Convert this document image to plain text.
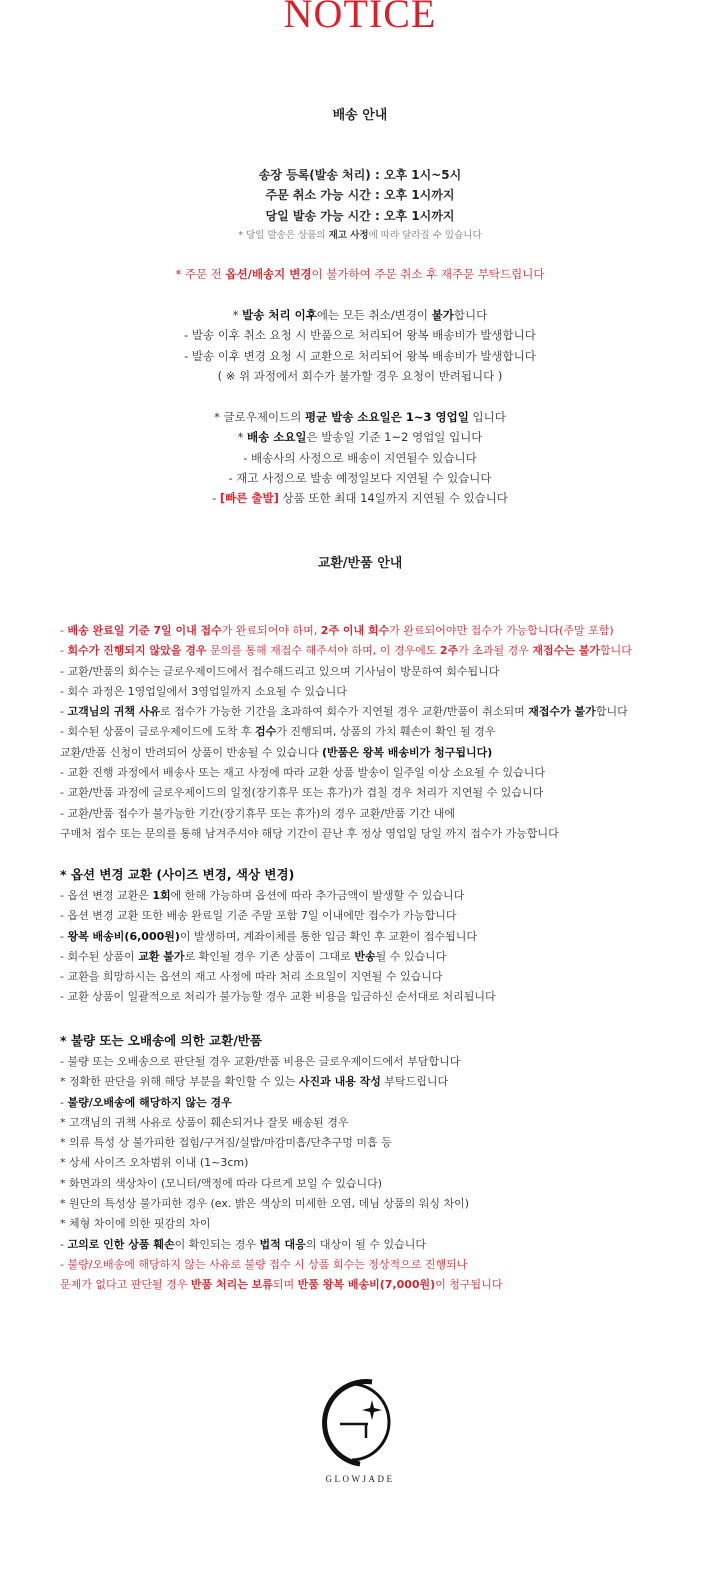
NOTICE
배송 안내
송장 등록(발송 처리) : 오후 1시~5시
주문 취소 가능 시간 : 오후 1시까지
당일 발송 가능 시간 : 오후 1시까지
* 당일 발송은 상품의 재고 사정에 따라 달라질 수 있습니다
* 주문 전 옵션/배송지 변경이 불가하여 주문 취소 후 재주문 부탁드립니다
* 발송 처리 이후에는 모든 취소/변경이 불가합니다
- 발송 이후 취소 요청 시 반품으로 처리되어 왕복 배송비가 발생합니다
- 발송 이후 변경 요청 시 교환으로 처리되어 왕복 배송비가 발생합니다
( ※ 위 과정에서 회수가 불가할 경우 요청이 반려됩니다 )
* 글로우제이드의 평균 발송 소요일은 1~3 영업일 입니다
* 배송 소요일은 발송일 기준 1~2 영업일 입니다
- 배송사의 사정으로 배송이 지연될수 있습니다
- 재고 사정으로 발송 예정일보다 지연될 수 있습니다
- [빠른 출발] 상품 또한 최대 14일까지 지연될 수 있습니다
교환/반품 안내
- 배송 완료일 기준 7일 이내 접수가 완료되어야 하며, 2주 이내 회수가 완료되어야만 접수가 가능합니다(주말 포함)
- 회수가 진행되지 않았을 경우 문의를 통해 재접수 해주셔야 하며, 이 경우에도 2주가 초과될 경우 재접수는 불가합니다
- 교환/반품의 회수는 글로우제이드에서 접수해드리고 있으며 기사님이 방문하여 회수됩니다
- 회수 과정은 1영업일에서 3영업일까지 소요될 수 있습니다
- 고객님의 귀책 사유로 접수가 가능한 기간을 초과하여 회수가 지연될 경우 교환/반품이 취소되며 재접수가 불가합니다
- 회수된 상품이 글로우제이드에 도착 후 검수가 진행되며, 상품의 가치 훼손이 확인 될 경우
교환/반품 신청이 반려되어 상품이 반송될 수 있습니다 (반품은 왕복 배송비가 청구됩니다)
- 교환 진행 과정에서 배송사 또는 재고 사정에 따라 교환 상품 발송이 일주일 이상 소요될 수 있습니다
- 교환/반품 과정에 글로우제이드의 일정(장기휴무 또는 휴가)가 겹칠 경우 처리가 지연될 수 있습니다
- 교환/반품 접수가 불가능한 기간(장기휴무 또는 휴가)의 경우 교환/반품 기간 내에
구매처 접수 또는 문의를 통해 남겨주셔야 해당 기간이 끝난 후 정상 영업일 당일 까지 접수가 가능합니다
* 옵션 변경 교환 (사이즈 변경, 색상 변경)
- 옵션 변경 교환은 1회에 한해 가능하며 옵션에 따라 추가금액이 발생할 수 있습니다
- 옵션 변경 교환 또한 배송 완료일 기준 주말 포함 7일 이내에만 접수가 가능합니다
- 왕복 배송비(6,000원)이 발생하며, 계좌이체를 통한 입금 확인 후 교환이 접수됩니다
- 회수된 상품이 교환 불가로 확인될 경우 기존 상품이 그대로 반송될 수 있습니다
- 교환을 희망하시는 옵션의 재고 사정에 따라 처리 소요일이 지연될 수 있습니다
- 교환 상품이 일괄적으로 처리가 불가능할 경우 교환 비용을 입금하신 순서대로 처리됩니다
* 불량 또는 오배송에 의한 교환/반품
- 불량 또는 오배송으로 판단될 경우 교환/반품 비용은 글로우제이드에서 부담합니다
* 정확한 판단을 위해 해당 부분을 확인할 수 있는 사진과 내용 작성 부탁드립니다
- 불량/오배송에 해당하지 않는 경우
* 고객님의 귀책 사유로 상품이 훼손되거나 잘못 배송된 경우
* 의류 특성 상 불가피한 접힘/구겨짐/실밥/마감미흡/단추구멍 미흡 등
* 상세 사이즈 오차범위 이내 (1~3cm)
* 화면과의 색상차이 (모니터/액정에 따라 다르게 보일 수 있습니다)
* 원단의 특성상 불가피한 경우 (ex. 밝은 색상의 미세한 오염, 데님 상품의 워싱 차이)
* 체형 차이에 의한 핏감의 차이
- 고의로 인한 상품 훼손이 확인되는 경우 법적 대응의 대상이 될 수 있습니다
- 불량/오배송에 해당하지 않는 사유로 불량 접수 시 상품 회수는 정상적으로 진행되나
문제가 없다고 판단될 경우 반품 처리는 보류되며 반품 왕복 배송비(7,000원)이 청구됩니다
GLOWJADE
